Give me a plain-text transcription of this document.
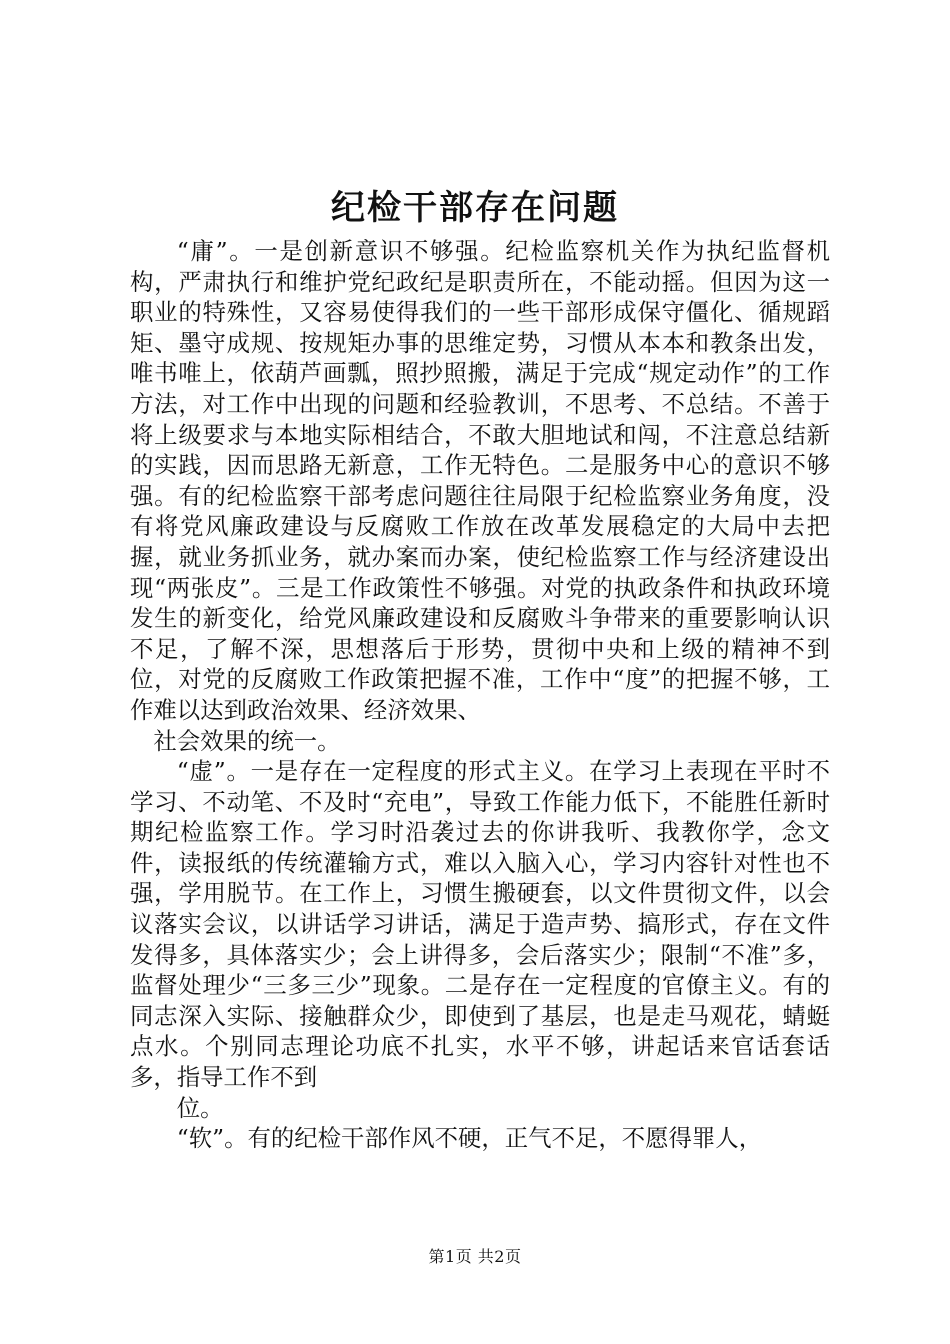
纪检干部存在问题

“庸”。一是创新意识不够强。纪检监察机关作为执纪监督机构，严肃执行和维护党纪政纪是职责所在，不能动摇。但因为这一职业的特殊性，又容易使得我们的一些干部形成保守僵化、循规蹈矩、墨守成规、按规矩办事的思维定势，习惯从本本和教条出发，唯书唯上，依葫芦画瓢，照抄照搬，满足于完成“规定动作”的工作方法，对工作中出现的问题和经验教训，不思考、不总结。不善于将上级要求与本地实际相结合，不敢大胆地试和闯，不注意总结新的实践，因而思路无新意，工作无特色。二是服务中心的意识不够强。有的纪检监察干部考虑问题往往局限于纪检监察业务角度，没有将党风廉政建设与反腐败工作放在改革发展稳定的大局中去把握，就业务抓业务，就办案而办案，使纪检监察工作与经济建设出现“两张皮”。三是工作政策性不够强。对党的执政条件和执政环境发生的新变化，给党风廉政建设和反腐败斗争带来的重要影响认识不足，了解不深，思想落后于形势，贯彻中央和上级的精神不到位，对党的反腐败工作政策把握不准，工作中“度”的把握不够，工作难以达到政治效果、经济效果、

社会效果的统一。

“虚”。一是存在一定程度的形式主义。在学习上表现在平时不学习、不动笔、不及时“充电”，导致工作能力低下，不能胜任新时期纪检监察工作。学习时沿袭过去的你讲我听、我教你学，念文件，读报纸的传统灌输方式，难以入脑入心，学习内容针对性也不强，学用脱节。在工作上，习惯生搬硬套，以文件贯彻文件，以会议落实会议，以讲话学习讲话，满足于造声势、搞形式，存在文件发得多，具体落实少；会上讲得多，会后落实少；限制“不准”多，监督处理少“三多三少”现象。二是存在一定程度的官僚主义。有的同志深入实际、接触群众少，即使到了基层，也是走马观花，蜻蜓点水。个别同志理论功底不扎实，水平不够，讲起话来官话套话多，指导工作不到

位。

“软”。有的纪检干部作风不硬，正气不足，不愿得罪人，

第1页 共2页
